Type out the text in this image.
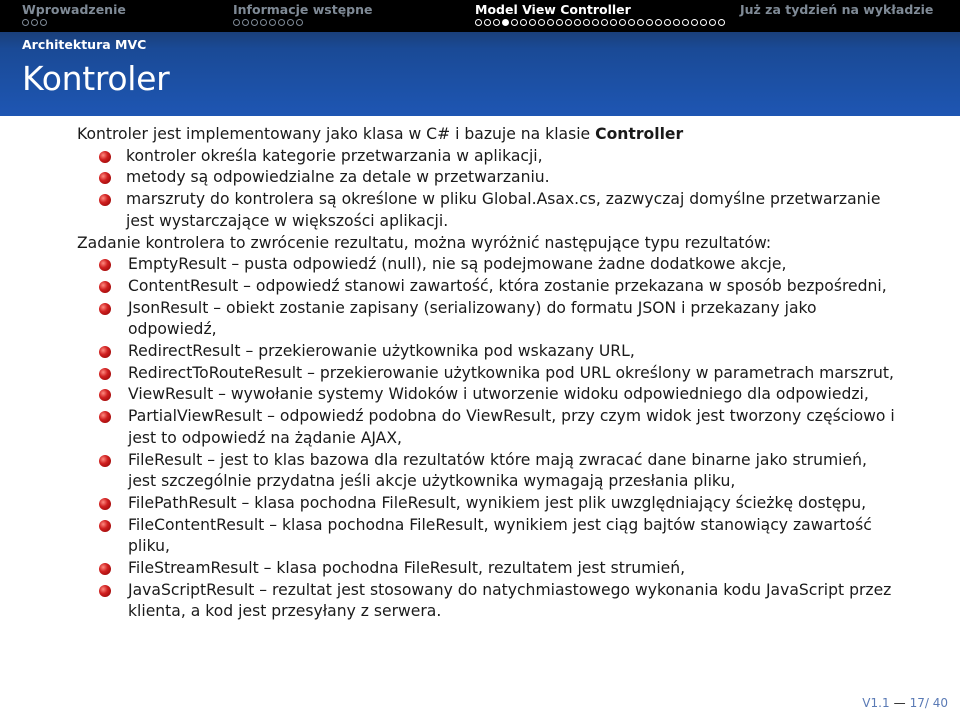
Wprowadzenie	Informacje wstępne	Model View Controller	Już za tydzień na wykładzie
Architektura MVC
Kontroler

Kontroler jest implementowany jako klasa w C# i bazuje na klasie Controller

kontroler określa kategorie przetwarzania w aplikacji,
metody są odpowiedzialne za detale w przetwarzaniu.
marszruty do kontrolera są określone w pliku Global.Asax.cs, zazwyczaj domyślne przetwarzanie jest wystarczające w większości aplikacji.

Zadanie kontrolera to zwrócenie rezultatu, można wyróżnić następujące typu rezultatów:

EmptyResult – pusta odpowiedź (null), nie są podejmowane żadne dodatkowe akcje,
ContentResult – odpowiedź stanowi zawartość, która zostanie przekazana w sposób bezpośredni,
JsonResult – obiekt zostanie zapisany (serializowany) do formatu JSON i przekazany jako odpowiedź,
RedirectResult – przekierowanie użytkownika pod wskazany URL,
RedirectToRouteResult – przekierowanie użytkownika pod URL określony w parametrach marszrut,
ViewResult – wywołanie systemy Widoków i utworzenie widoku odpowiedniego dla odpowiedzi,
PartialViewResult – odpowiedź podobna do ViewResult, przy czym widok jest tworzony częściowo i jest to odpowiedź na żądanie AJAX,
FileResult – jest to klas bazowa dla rezultatów które mają zwracać dane binarne jako strumień, jest szczególnie przydatna jeśli akcje użytkownika wymagają przesłania pliku,
FilePathResult – klasa pochodna FileResult, wynikiem jest plik uwzględniający ścieżkę dostępu,
FileContentResult – klasa pochodna FileResult, wynikiem jest ciąg bajtów stanowiący zawartość pliku,
FileStreamResult – klasa pochodna FileResult, rezultatem jest strumień,
JavaScriptResult – rezultat jest stosowany do natychmiastowego wykonania kodu JavaScript przez klienta, a kod jest przesyłany z serwera.
V1.1 — 17/ 40
